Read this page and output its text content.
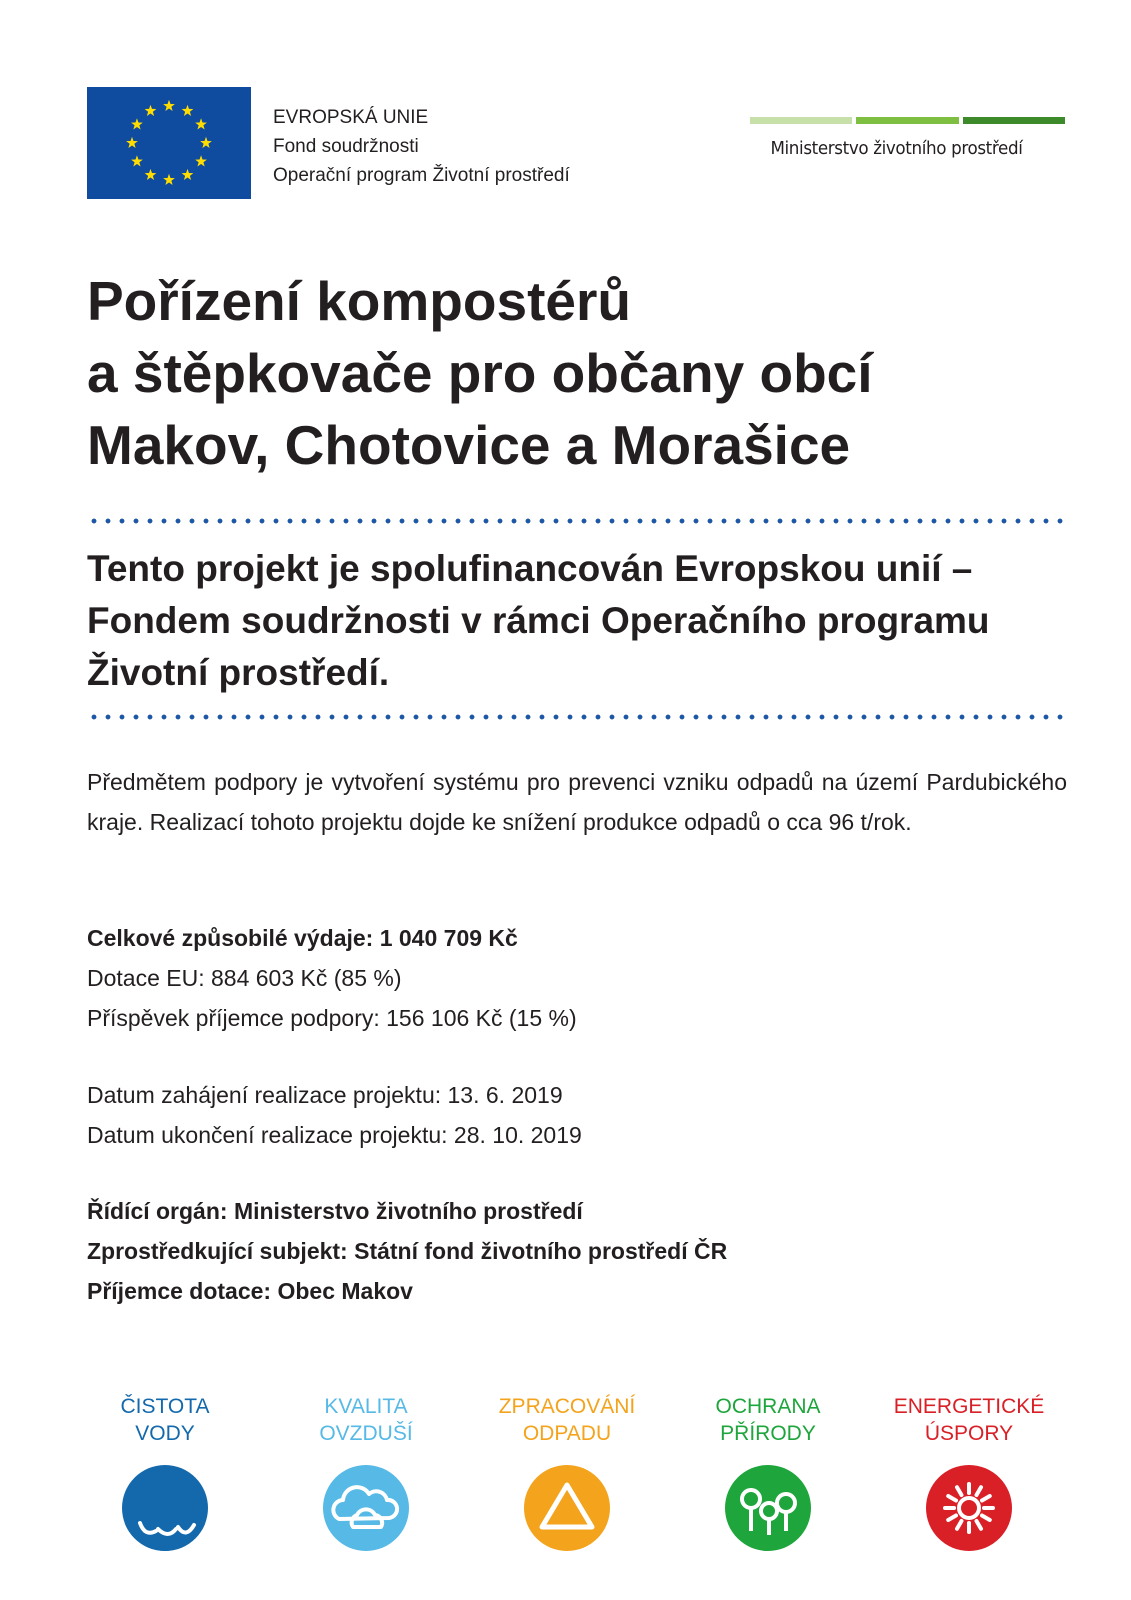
EVROPSKÁ UNIE
Fond soudržnosti
Operační program Životní prostředí
Ministerstvo životního prostředí
Pořízení kompostérů
a štěpkovače pro občany obcí
Makov, Chotovice a Morašice
Tento projekt je spolufinancován Evropskou unií –
Fondem soudržnosti v rámci Operačního programu
Životní prostředí.

Předmětem podpory je vytvoření systému pro prevenci vzniku odpadů na území Pardubického kraje. Realizací tohoto projektu dojde ke snížení produkce odpadů o cca 96 t/rok.

Celkové způsobilé výdaje: 1 040 709 Kč
Dotace EU: 884 603 Kč (85 %)
Příspěvek příjemce podpory: 156 106 Kč (15 %)
Datum zahájení realizace projektu: 13. 6. 2019
Datum ukončení realizace projektu: 28. 10. 2019
Řídící orgán: Ministerstvo životního prostředí
Zprostředkující subjekt: Státní fond životního prostředí ČR
Příjemce dotace: Obec Makov
ČISTOTA
VODY
KVALITA
OVZDUŠÍ
ZPRACOVÁNÍ
ODPADU
OCHRANA
PŘÍRODY
ENERGETICKÉ
ÚSPORY
